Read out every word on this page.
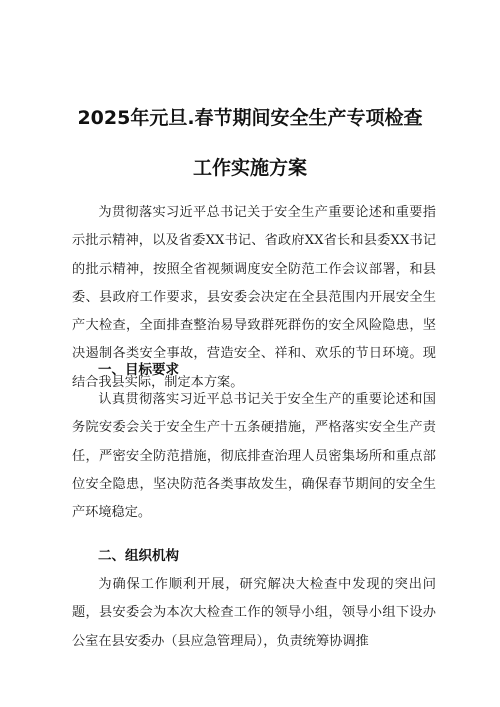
2025年元旦.春节期间安全生产专项检查
工作实施方案

为贯彻落实习近平总书记关于安全生产重要论述和重要指示批示精神，以及省委XX书记、省政府XX省长和县委XX书记的批示精神，按照全省视频调度安全防范工作会议部署，和县委、县政府工作要求，县安委会决定在全县范围内开展安全生产大检查，全面排查整治易导致群死群伤的安全风险隐患，坚决遏制各类安全事故，营造安全、祥和、欢乐的节日环境。现结合我县实际，制定本方案。

一、目标要求

认真贯彻落实习近平总书记关于安全生产的重要论述和国务院安委会关于安全生产十五条硬措施，严格落实安全生产责任，严密安全防范措施，彻底排查治理人员密集场所和重点部位安全隐患，坚决防范各类事故发生，确保春节期间的安全生产环境稳定。

二、组织机构

为确保工作顺利开展，研究解决大检查中发现的突出问题，县安委会为本次大检查工作的领导小组，领导小组下设办公室在县安委办（县应急管理局），负责统筹协调推
